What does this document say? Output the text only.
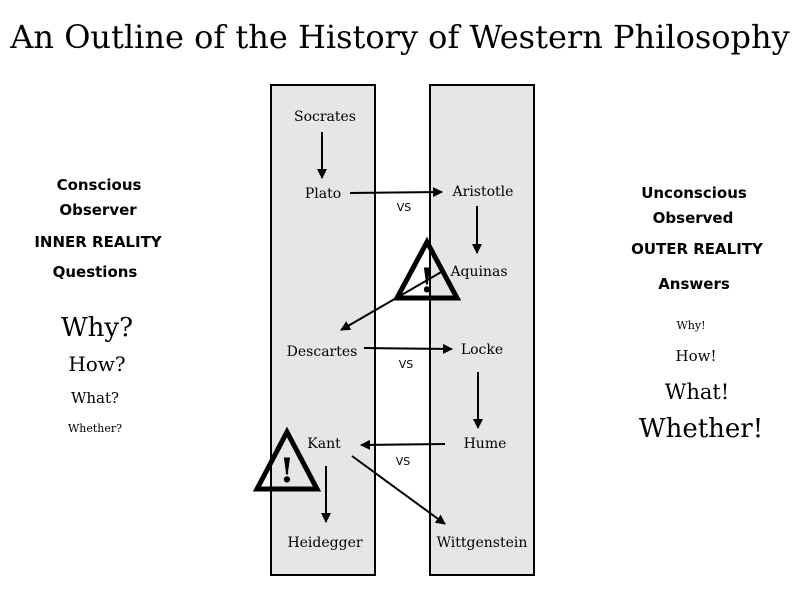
An Outline of the History of Western Philosophy
Conscious
Observer
INNER REALITY
Questions
Why?
How?
What?
Whether?
Unconscious
Observed
OUTER REALITY
Answers
Why!
How!
What!
Whether!
Socrates
Plato
Descartes
Kant
Heidegger
Aristotle
Aquinas
Locke
Hume
Wittgenstein
VS
VS
VS
!
!
